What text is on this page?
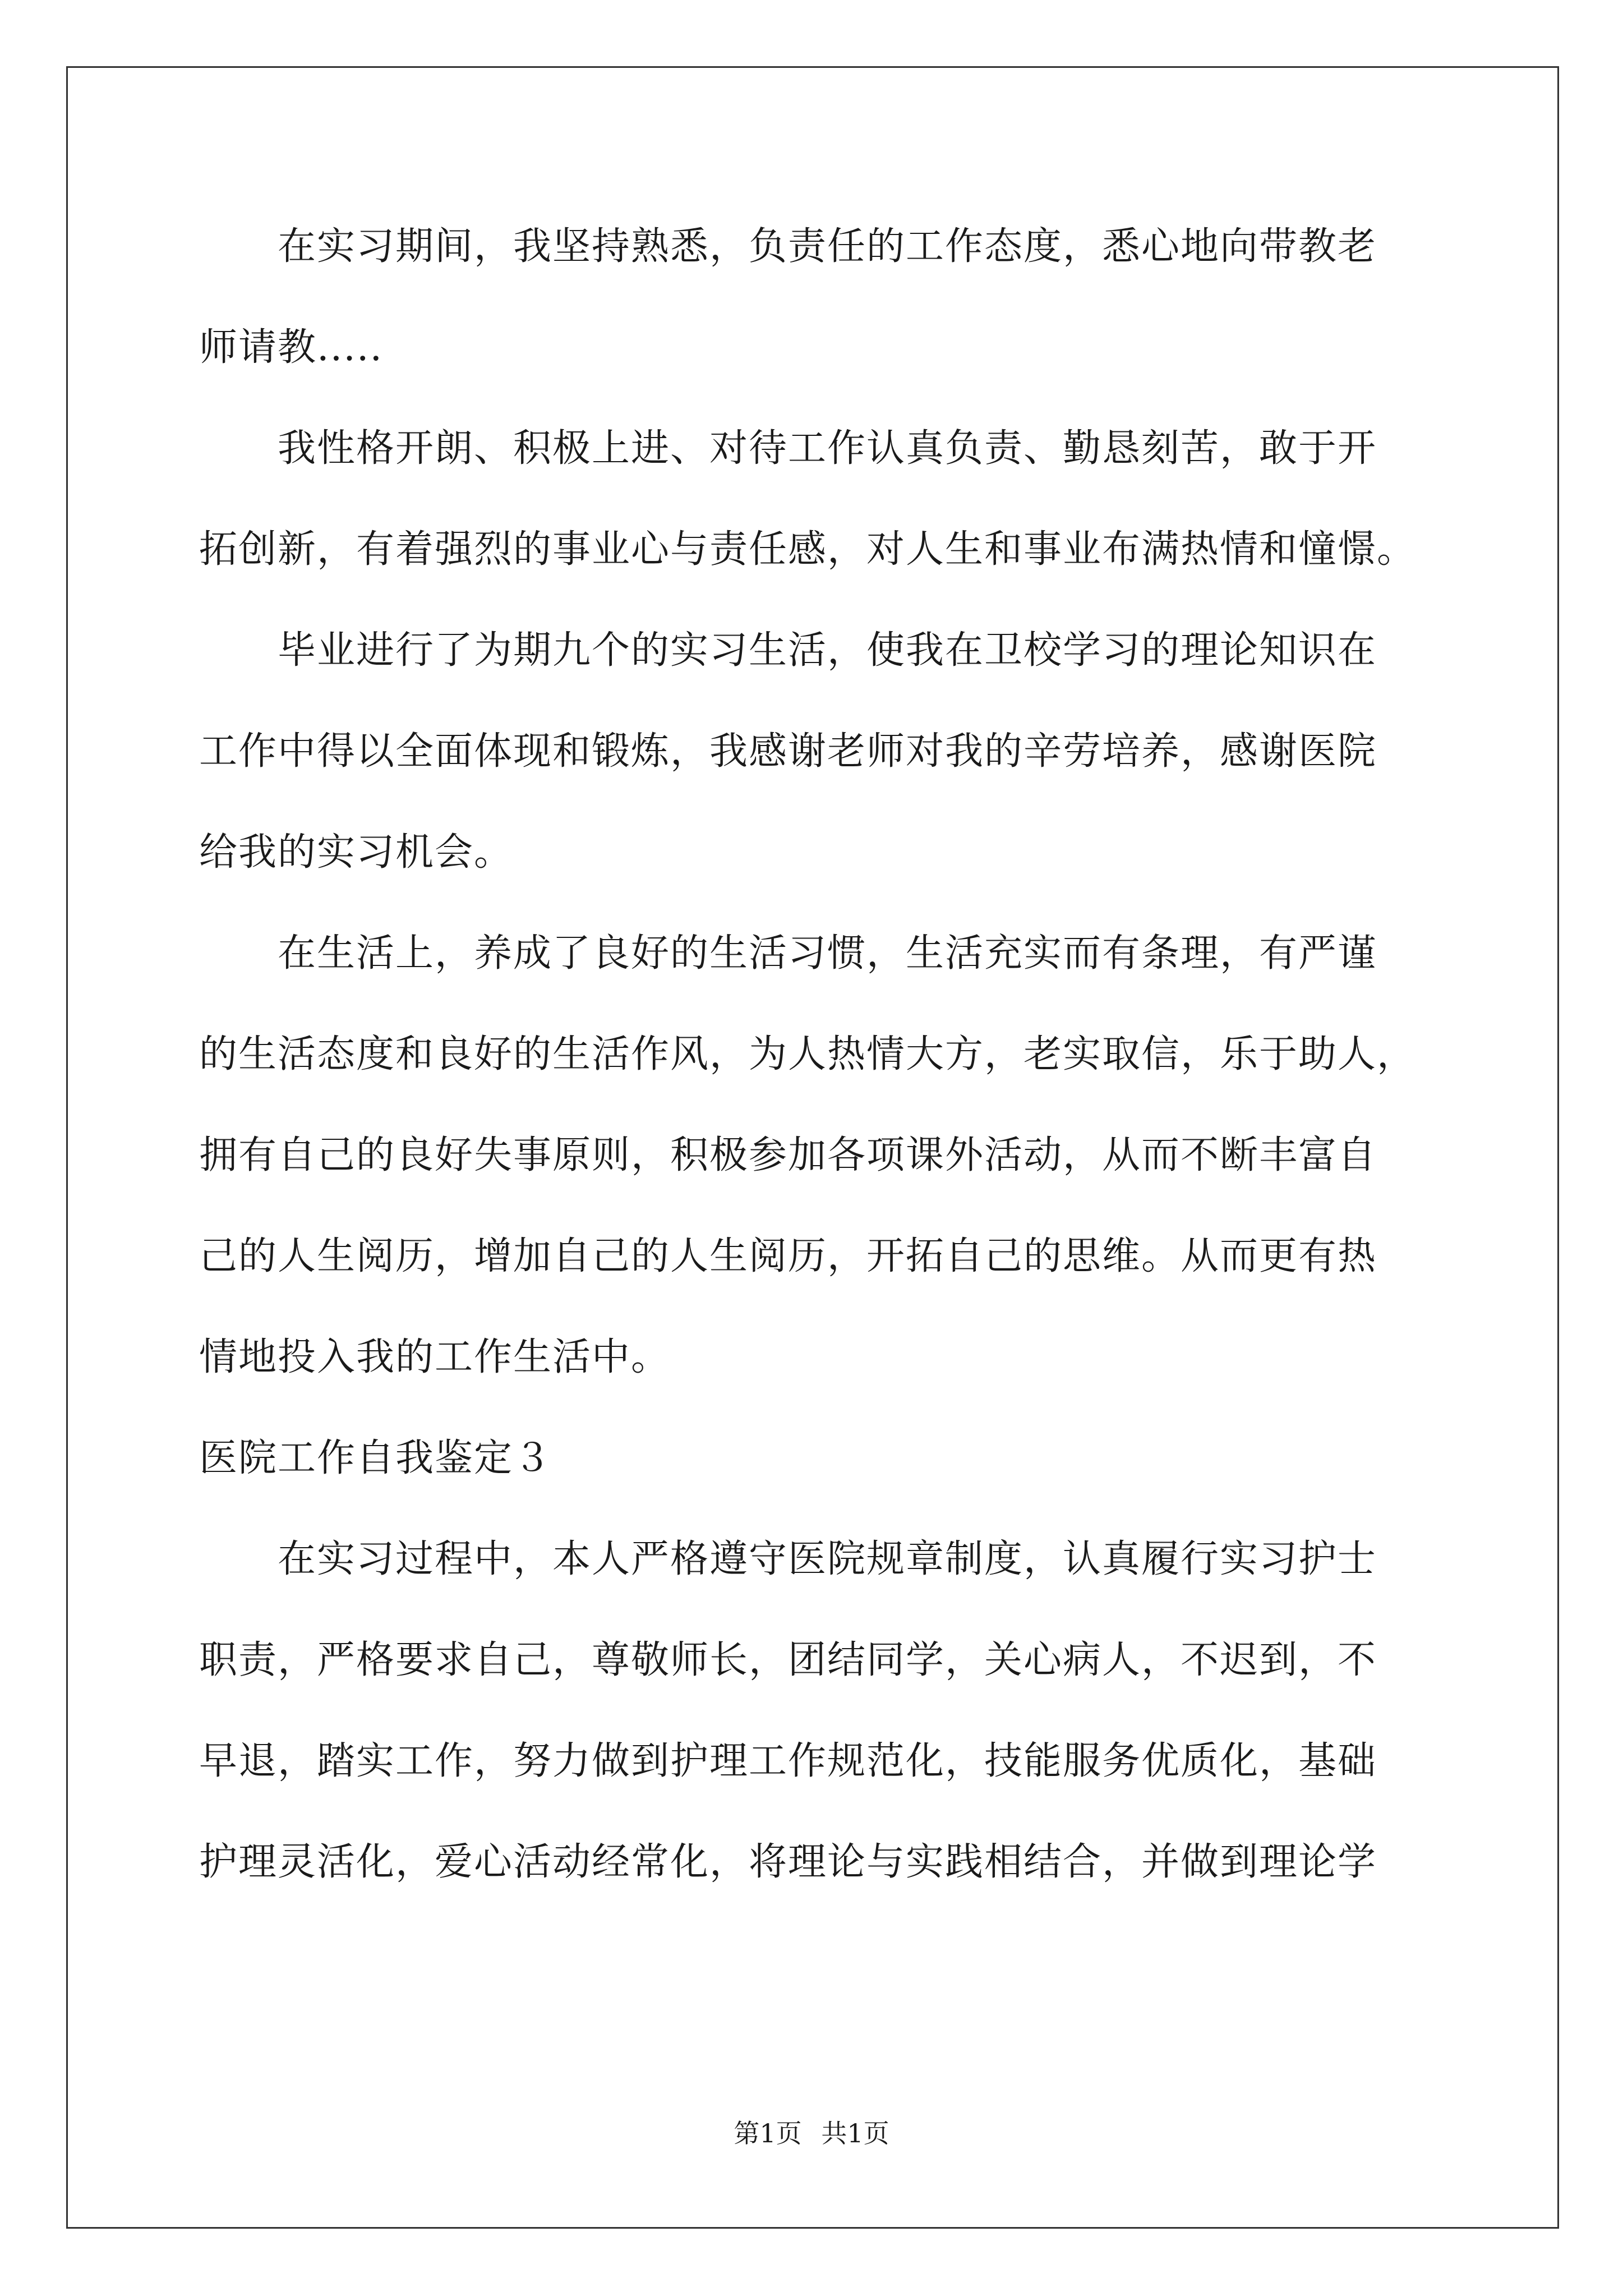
在实习期间，我坚持熟悉，负责任的工作态度，悉心地向带教老
师请教.....
我性格开朗、积极上进、对待工作认真负责、勤恳刻苦，敢于开
拓创新，有着强烈的事业心与责任感，对人生和事业布满热情和憧憬。
毕业进行了为期九个的实习生活，使我在卫校学习的理论知识在
工作中得以全面体现和锻炼，我感谢老师对我的辛劳培养，感谢医院
给我的实习机会。
在生活上，养成了良好的生活习惯，生活充实而有条理，有严谨
的生活态度和良好的生活作风，为人热情大方，老实取信，乐于助人，
拥有自己的良好失事原则，积极参加各项课外活动，从而不断丰富自
己的人生阅历，增加自己的人生阅历，开拓自己的思维。从而更有热
情地投入我的工作生活中。
医院工作自我鉴定３
在实习过程中，本人严格遵守医院规章制度，认真履行实习护士
职责，严格要求自己，尊敬师长，团结同学，关心病人，不迟到，不
早退，踏实工作，努力做到护理工作规范化，技能服务优质化，基础
护理灵活化，爱心活动经常化，将理论与实践相结合，并做到理论学
第1页 共1页
